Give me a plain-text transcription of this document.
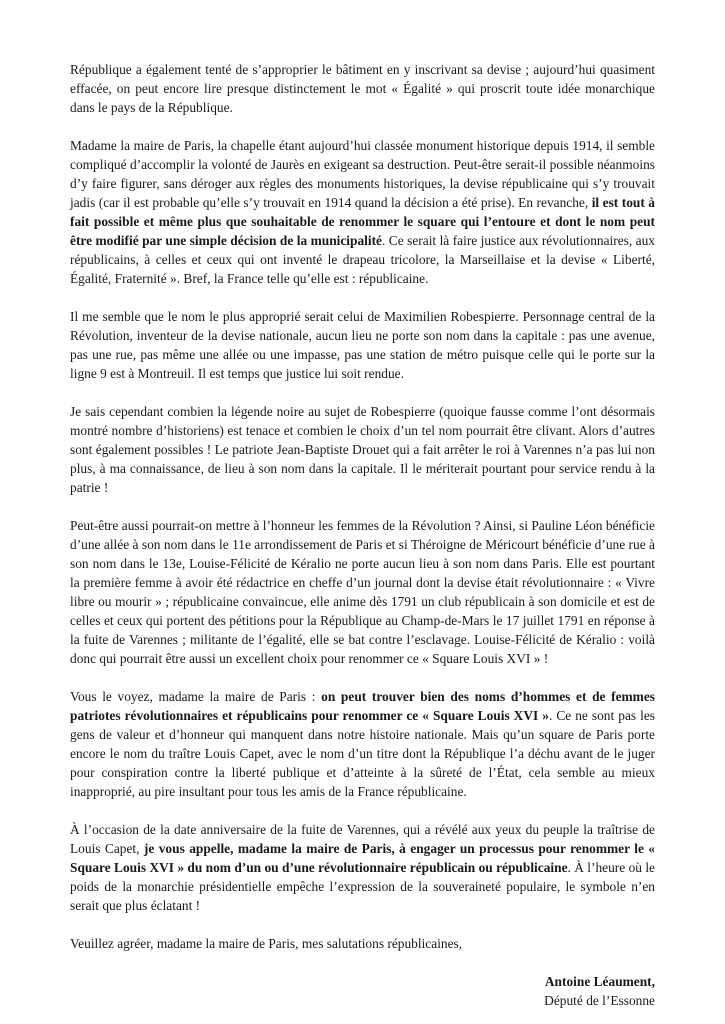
République a également tenté de s’approprier le bâtiment en y inscrivant sa devise ; aujourd’hui quasiment effacée, on peut encore lire presque distinctement le mot « Égalité » qui proscrit toute idée monarchique dans le pays de la République.

Madame la maire de Paris, la chapelle étant aujourd’hui classée monument historique depuis 1914, il semble compliqué d’accomplir la volonté de Jaurès en exigeant sa destruction. Peut-être serait-il possible néanmoins d’y faire figurer, sans déroger aux règles des monuments historiques, la devise républicaine qui s’y trouvait jadis (car il est probable qu’elle s’y trouvait en 1914 quand la décision a été prise). En revanche, il est tout à fait possible et même plus que souhaitable de renommer le square qui l’entoure et dont le nom peut être modifié par une simple décision de la municipalité. Ce serait là faire justice aux révolutionnaires, aux républicains, à celles et ceux qui ont inventé le drapeau tricolore, la Marseillaise et la devise « Liberté, Égalité, Fraternité ». Bref, la France telle qu’elle est : républicaine.

Il me semble que le nom le plus approprié serait celui de Maximilien Robespierre. Personnage central de la Révolution, inventeur de la devise nationale, aucun lieu ne porte son nom dans la capitale : pas une avenue, pas une rue, pas même une allée ou une impasse, pas une station de métro puisque celle qui le porte sur la ligne 9 est à Montreuil. Il est temps que justice lui soit rendue.

Je sais cependant combien la légende noire au sujet de Robespierre (quoique fausse comme l’ont désormais montré nombre d’historiens) est tenace et combien le choix d’un tel nom pourrait être clivant. Alors d’autres sont également possibles ! Le patriote Jean-Baptiste Drouet qui a fait arrêter le roi à Varennes n’a pas lui non plus, à ma connaissance, de lieu à son nom dans la capitale. Il le mériterait pourtant pour service rendu à la patrie !

Peut-être aussi pourrait-on mettre à l’honneur les femmes de la Révolution ? Ainsi, si Pauline Léon bénéficie d’une allée à son nom dans le 11e arrondissement de Paris et si Théroigne de Méricourt bénéficie d’une rue à son nom dans le 13e, Louise-Félicité de Kéralio ne porte aucun lieu à son nom dans Paris. Elle est pourtant la première femme à avoir été rédactrice en cheffe d’un journal dont la devise était révolutionnaire : « Vivre libre ou mourir » ; républicaine convaincue, elle anime dès 1791 un club républicain à son domicile et est de celles et ceux qui portent des pétitions pour la République au Champ-de-Mars le 17 juillet 1791 en réponse à la fuite de Varennes ; militante de l’égalité, elle se bat contre l’esclavage. Louise-Félicité de Kéralio : voilà donc qui pourrait être aussi un excellent choix pour renommer ce « Square Louis XVI » !

Vous le voyez, madame la maire de Paris : on peut trouver bien des noms d’hommes et de femmes patriotes révolutionnaires et républicains pour renommer ce « Square Louis XVI ». Ce ne sont pas les gens de valeur et d’honneur qui manquent dans notre histoire nationale. Mais qu’un square de Paris porte encore le nom du traître Louis Capet, avec le nom d’un titre dont la République l’a déchu avant de le juger pour conspiration contre la liberté publique et d’atteinte à la sûreté de l’État, cela semble au mieux inapproprié, au pire insultant pour tous les amis de la France républicaine.

À l’occasion de la date anniversaire de la fuite de Varennes, qui a révélé aux yeux du peuple la traîtrise de Louis Capet, je vous appelle, madame la maire de Paris, à engager un processus pour renommer le « Square Louis XVI » du nom d’un ou d’une révolutionnaire républicain ou républicaine. À l’heure où le poids de la monarchie présidentielle empêche l’expression de la souveraineté populaire, le symbole n’en serait que plus éclatant !

Veuillez agréer, madame la maire de Paris, mes salutations républicaines,

Antoine Léaument,
Député de l’Essonne
